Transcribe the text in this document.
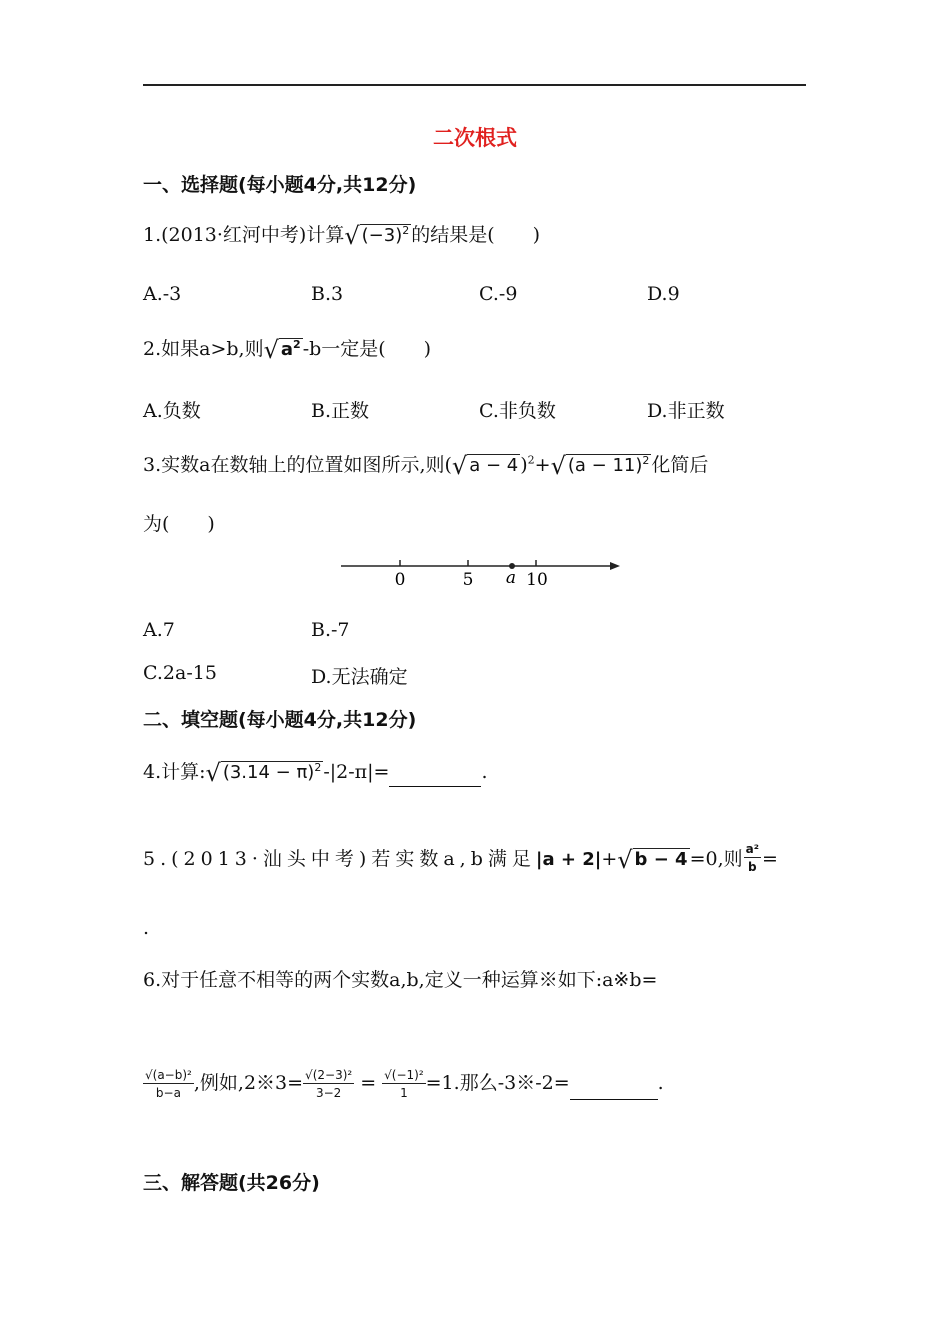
二次根式
一、选择题(每小题4分,共12分)
1.(2013·红河中考)计算√ $(-3)^2$ 的结果是(　　)
A.-3	B.3	C.-9	D.9
2.如果a>b,则√ $a^2$ -b一定是(　　)
A.负数	B.正数	C.非负数	D.非正数
3.实数a在数轴上的位置如图所示,则(√ a − 4 )$^2$+√ $(a - 11)^2$ 化简后
为(　　)
0	5 a 10
A.7	B.-7
C.2a-15	D.无法确定
二、填空题(每小题4分,共12分)
4.计算:√ $(3.14 - \pi)^2$ -|2-π|=	.
5.(2013·汕头中考)若实数a,b满足|a + 2|+√ b − 4 =0,则 $\frac{\text{a²}}{b}$ =
.
6.对于任意不相等的两个实数a,b,定义一种运算※如下:a※b=
$\frac{\text{√(a−b)²}}{b-a}$ ,例如,2※3= $\frac{\text{√(2−3)²}}{3-2} = \frac{\text{√(−1)²}}{1} =1$.那么-3※-2=	.
三、解答题(共26分)
